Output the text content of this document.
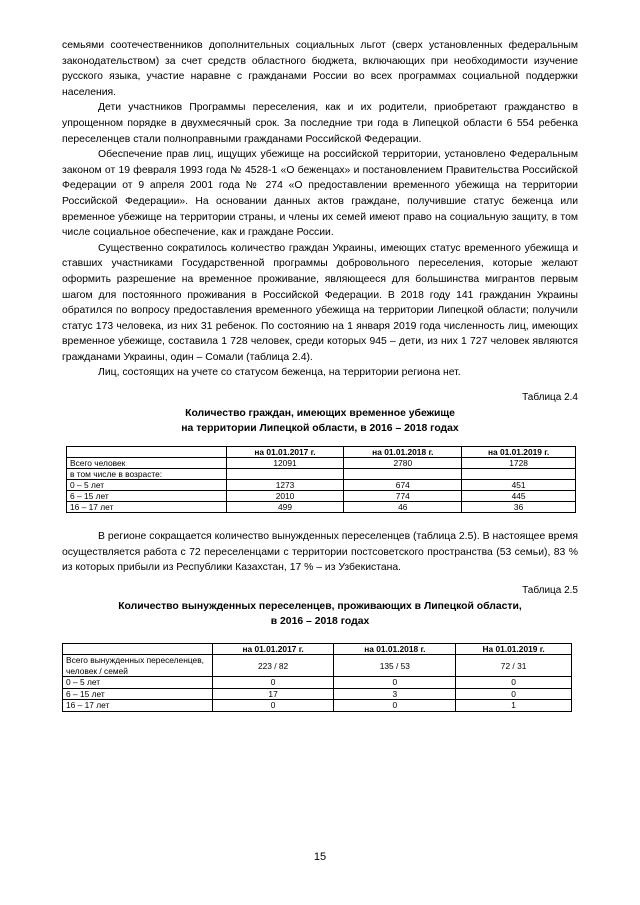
семьями соотечественников дополнительных социальных льгот (сверх установленных федеральным законодательством) за счет средств областного бюджета, включающих при необходимости изучение русского языка, участие наравне с гражданами России во всех программах социальной поддержки населения.

Дети участников Программы переселения, как и их родители, приобретают гражданство в упрощенном порядке в двухмесячный срок. За последние три года в Липецкой области 6 554 ребенка переселенцев стали полноправными гражданами Российской Федерации.

Обеспечение прав лиц, ищущих убежище на российской территории, установлено Федеральным законом от 19 февраля 1993 года № 4528-1 «О беженцах» и постановлением Правительства Российской Федерации от 9 апреля 2001 года № 274 «О предоставлении временного убежища на территории Российской Федерации». На основании данных актов граждане, получившие статус беженца или временное убежище на территории страны, и члены их семей имеют право на социальную защиту, в том числе социальное обеспечение, как и граждане России.

Существенно сократилось количество граждан Украины, имеющих статус временного убежища и ставших участниками Государственной программы добровольного переселения, которые желают оформить разрешение на временное проживание, являющееся для большинства мигрантов первым шагом для постоянного проживания в Российской Федерации. В 2018 году 141 гражданин Украины обратился по вопросу предоставления временного убежища на территории Липецкой области; получили статус 173 человека, из них 31 ребенок. По состоянию на 1 января 2019 года численность лиц, имеющих временное убежище, составила 1 728 человек, среди которых 945 – дети, из них 1 727 человек являются гражданами Украины, один – Сомали (таблица 2.4).

Лиц, состоящих на учете со статусом беженца, на территории региона нет.

Таблица 2.4
Количество граждан, имеющих временное убежище
на территории Липецкой области, в 2016 – 2018 годах
	на 01.01.2017 г.	на 01.01.2018 г.	на 01.01.2019 г.
Всего человек	12091	2780	1728
в том числе в возрасте:			
0 – 5 лет	1273	674	451
6 – 15 лет	2010	774	445
16 – 17 лет	499	46	36

В регионе сокращается количество вынужденных переселенцев (таблица 2.5). В настоящее время осуществляется работа с 72 переселенцами с территории постсоветского пространства (53 семьи), 83 % из которых прибыли из Республики Казахстан, 17 % – из Узбекистана.

Таблица 2.5
Количество вынужденных переселенцев, проживающих в Липецкой области,
в 2016 – 2018 годах
	на 01.01.2017 г.	на 01.01.2018 г.	На 01.01.2019 г.
Всего вынужденных переселенцев, человек / семей	223 / 82	135 / 53	72 / 31
0 – 5 лет	0	0	0
6 – 15 лет	17	3	0
16 – 17 лет	0	0	1
15
